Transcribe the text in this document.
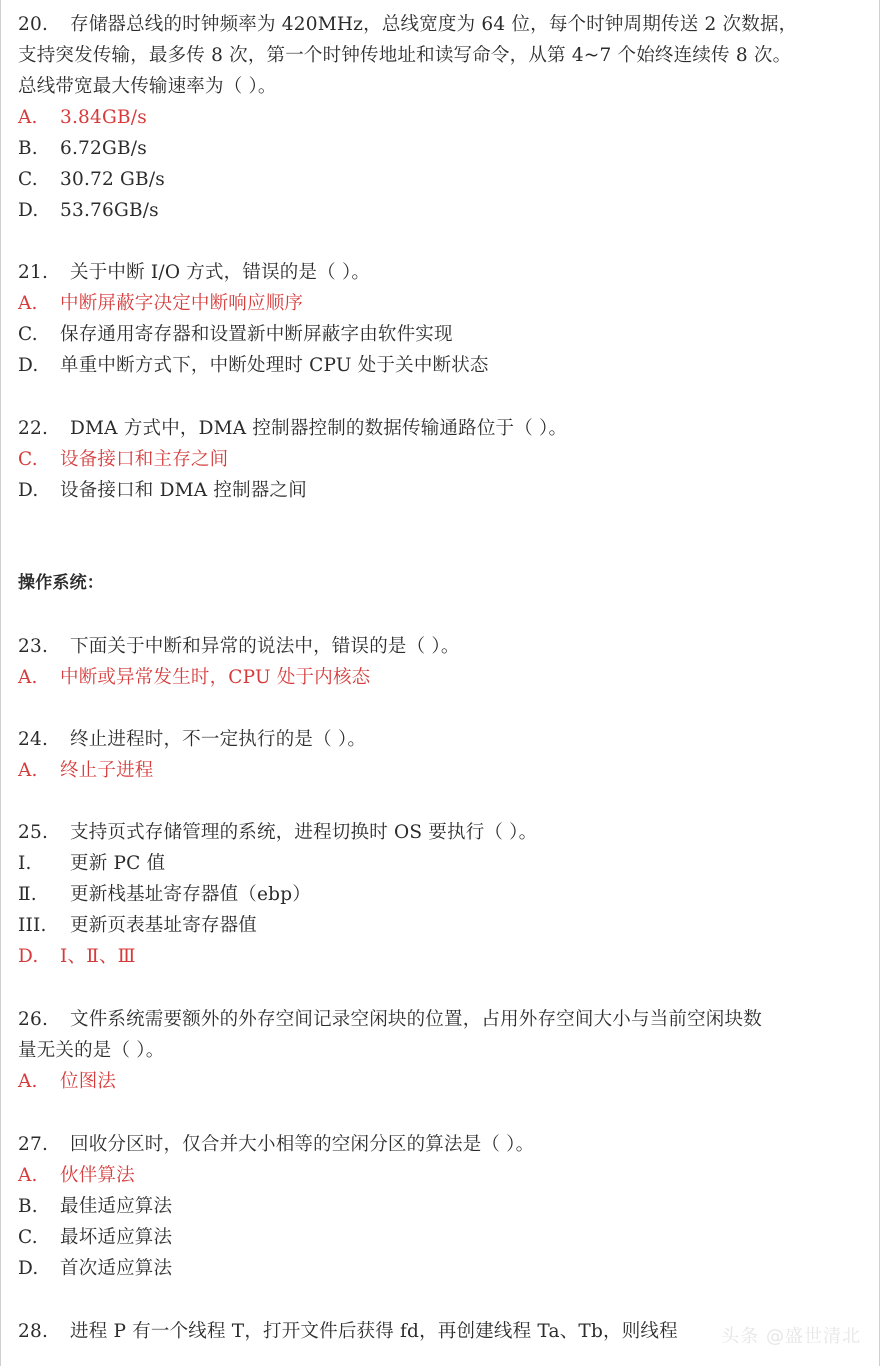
20. 存储器总线的时钟频率为 420MHz，总线宽度为 64 位，每个时钟周期传送 2 次数据，
支持突发传输，最多传 8 次，第一个时钟传地址和读写命令，从第 4~7 个始终连续传 8 次。
总线带宽最大传输速率为（ ）。
A. 3.84GB/s
B. 6.72GB/s
C. 30.72 GB/s
D. 53.76GB/s
21. 关于中断 I/O 方式，错误的是（ ）。
A. 中断屏蔽字决定中断响应顺序
C. 保存通用寄存器和设置新中断屏蔽字由软件实现
D. 单重中断方式下，中断处理时 CPU 处于关中断状态
22. DMA 方式中，DMA 控制器控制的数据传输通路位于（ ）。
C. 设备接口和主存之间
D. 设备接口和 DMA 控制器之间
操作系统：
23. 下面关于中断和异常的说法中，错误的是（ ）。
A. 中断或异常发生时，CPU 处于内核态
24. 终止进程时，不一定执行的是（ ）。
A. 终止子进程
25. 支持页式存储管理的系统，进程切换时 OS 要执行（ ）。
Ⅰ. 更新 PC 值
Ⅱ. 更新栈基址寄存器值（ebp）
III. 更新页表基址寄存器值
D. Ⅰ、Ⅱ、Ⅲ
26. 文件系统需要额外的外存空间记录空闲块的位置，占用外存空间大小与当前空闲块数
量无关的是（ ）。
A. 位图法
27. 回收分区时，仅合并大小相等的空闲分区的算法是（ ）。
A. 伙伴算法
B. 最佳适应算法
C. 最坏适应算法
D. 首次适应算法
28. 进程 P 有一个线程 T，打开文件后获得 fd，再创建线程 Ta、Tb，则线程	头条 @盛世清北
